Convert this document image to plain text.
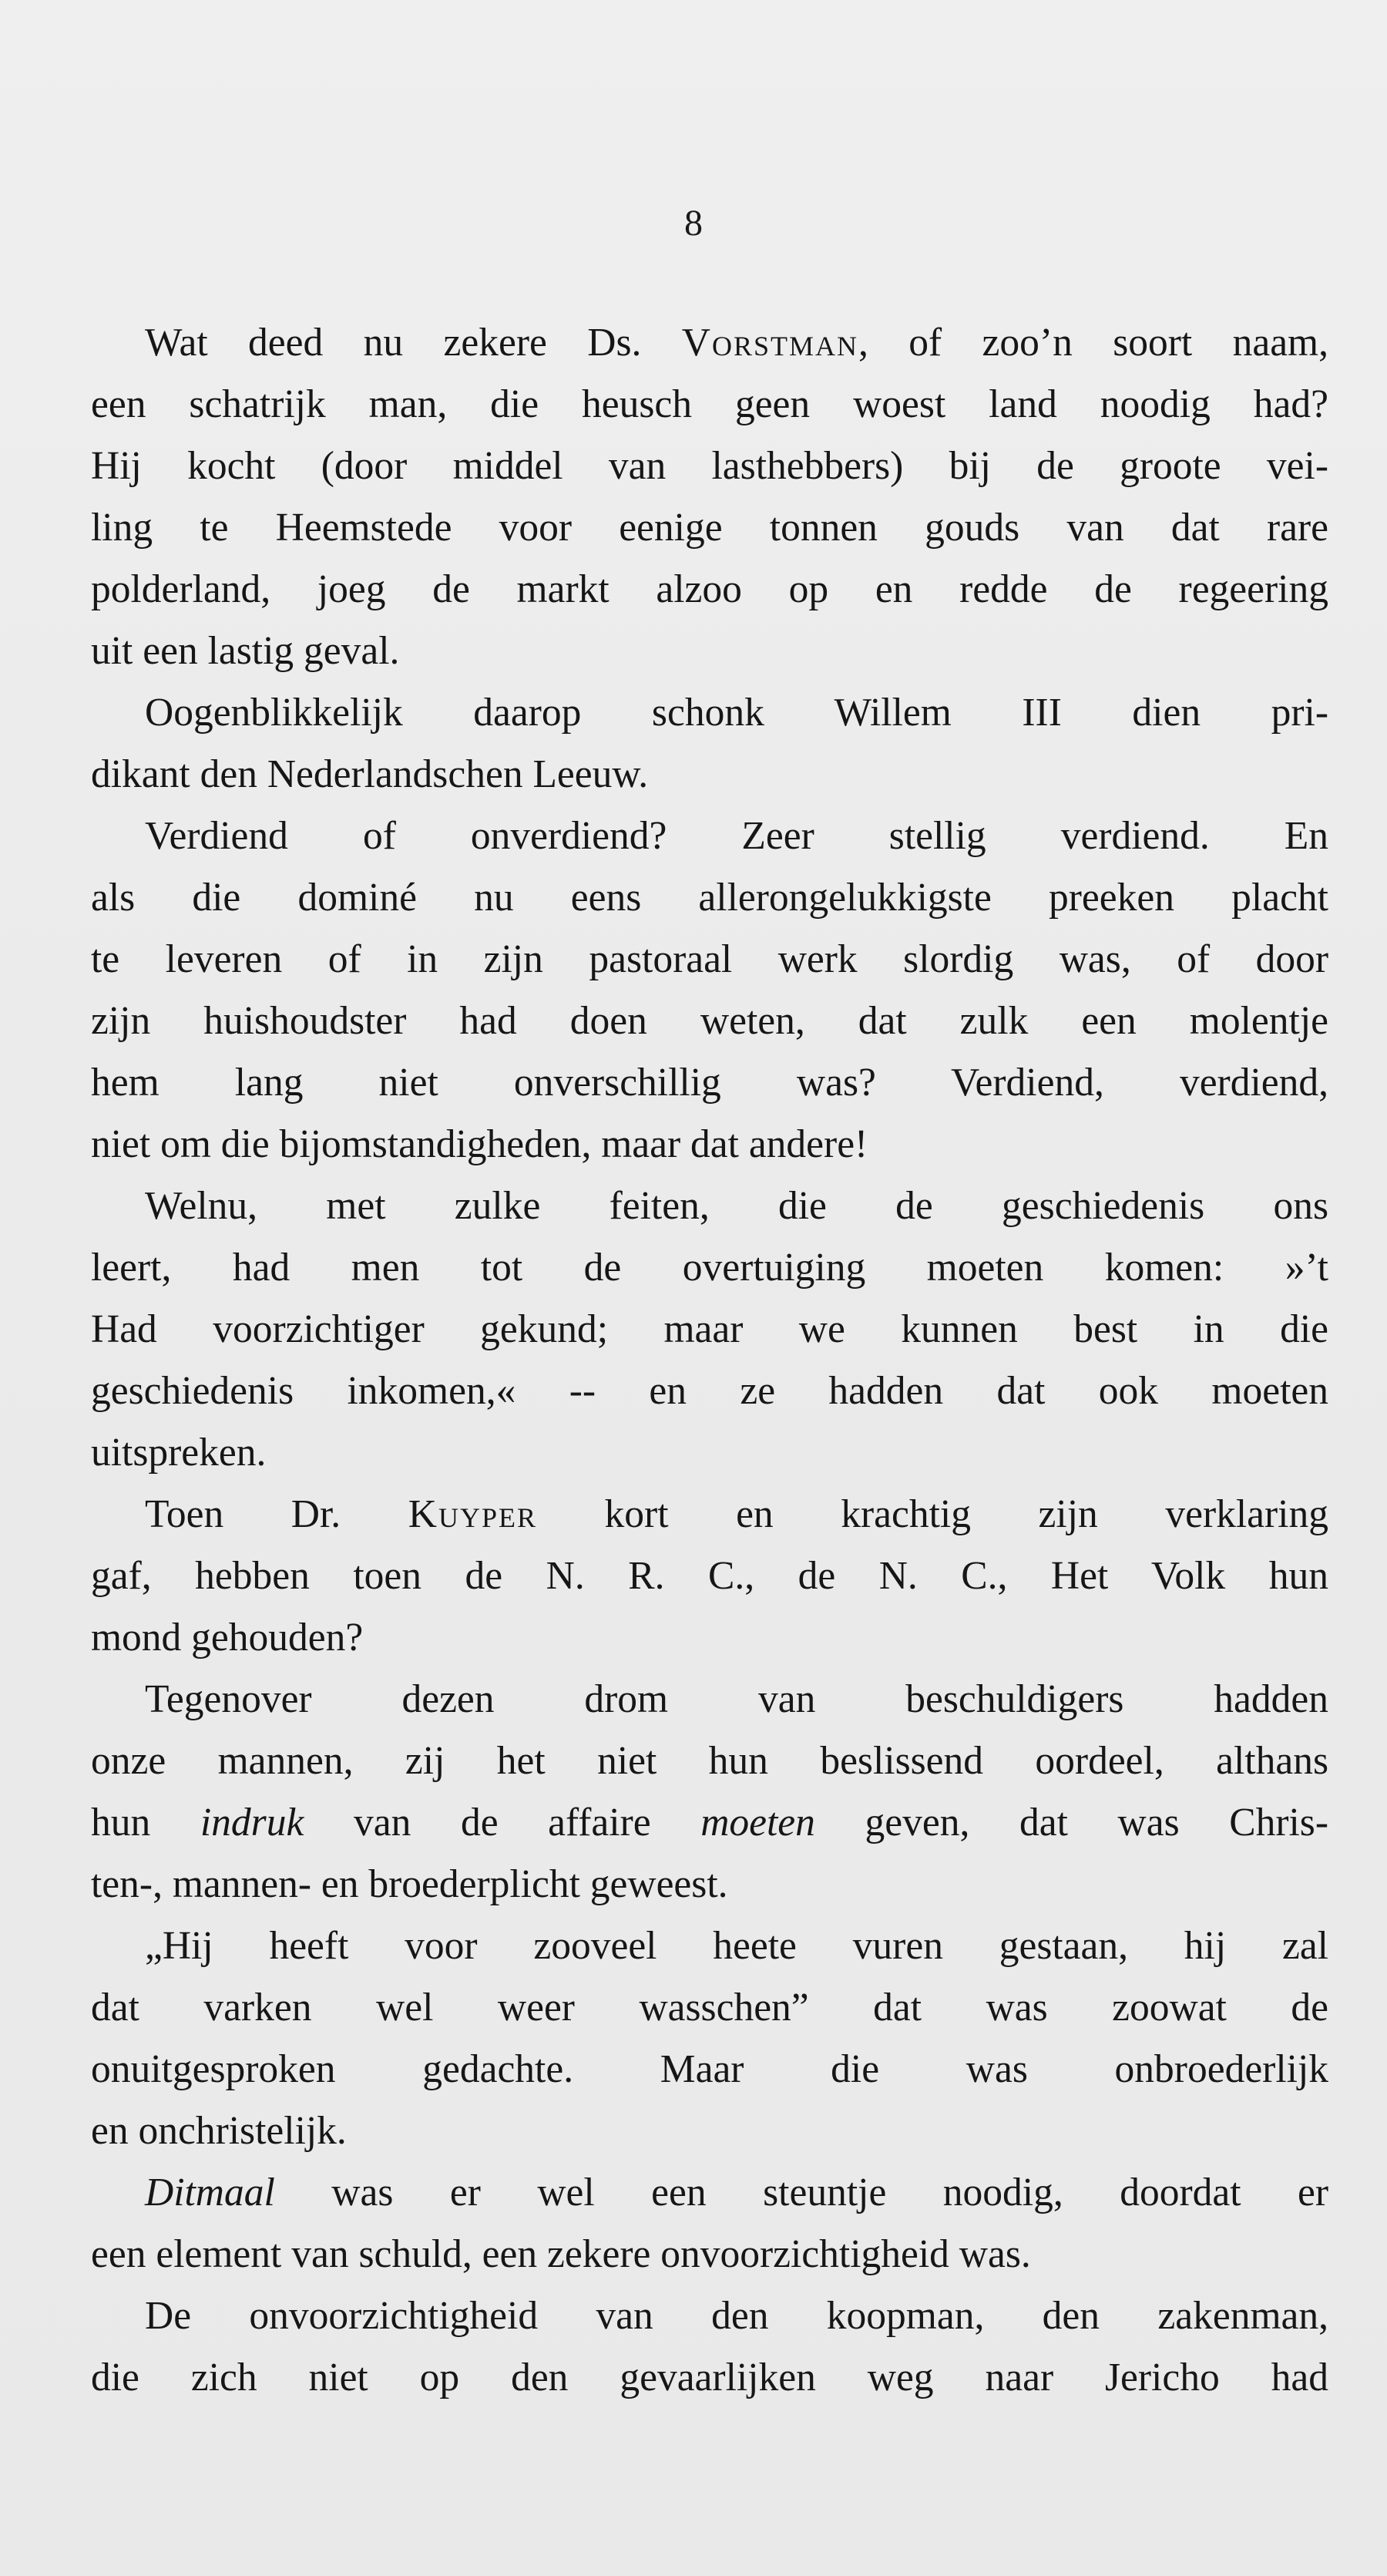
8
Wat deed nu zekere Ds. Vorstman, of zoo’n soort naam,
een schatrijk man, die heusch geen woest land noodig had?
Hij kocht (door middel van lasthebbers) bij de groote vei-
ling te Heemstede voor eenige tonnen gouds van dat rare
polderland, joeg de markt alzoo op en redde de regeering
uit een lastig geval.
Oogenblikkelijk daarop schonk Willem III dien pri-
dikant den Nederlandschen Leeuw.
Verdiend of onverdiend? Zeer stellig verdiend. En
als die dominé nu eens allerongelukkigste preeken placht
te leveren of in zijn pastoraal werk slordig was, of door
zijn huishoudster had doen weten, dat zulk een molentje
hem lang niet onverschillig was? Verdiend, verdiend,
niet om die bijomstandigheden, maar dat andere!
Welnu, met zulke feiten, die de geschiedenis ons
leert, had men tot de overtuiging moeten komen: »’t
Had voorzichtiger gekund; maar we kunnen best in die
geschiedenis inkomen,« -- en ze hadden dat ook moeten
uitspreken.
Toen Dr. Kuyper kort en krachtig zijn verklaring
gaf, hebben toen de N. R. C., de N. C., Het Volk hun
mond gehouden?
Tegenover dezen drom van beschuldigers hadden
onze mannen, zij het niet hun beslissend oordeel, althans
hun indruk van de affaire moeten geven, dat was Chris-
ten-, mannen- en broederplicht geweest.
„Hij heeft voor zooveel heete vuren gestaan, hij zal
dat varken wel weer wasschen” dat was zoowat de
onuitgesproken gedachte. Maar die was onbroederlijk
en onchristelijk.
Ditmaal was er wel een steuntje noodig, doordat er
een element van schuld, een zekere onvoorzichtigheid was.
De onvoorzichtigheid van den koopman, den zakenman,
die zich niet op den gevaarlijken weg naar Jericho had
